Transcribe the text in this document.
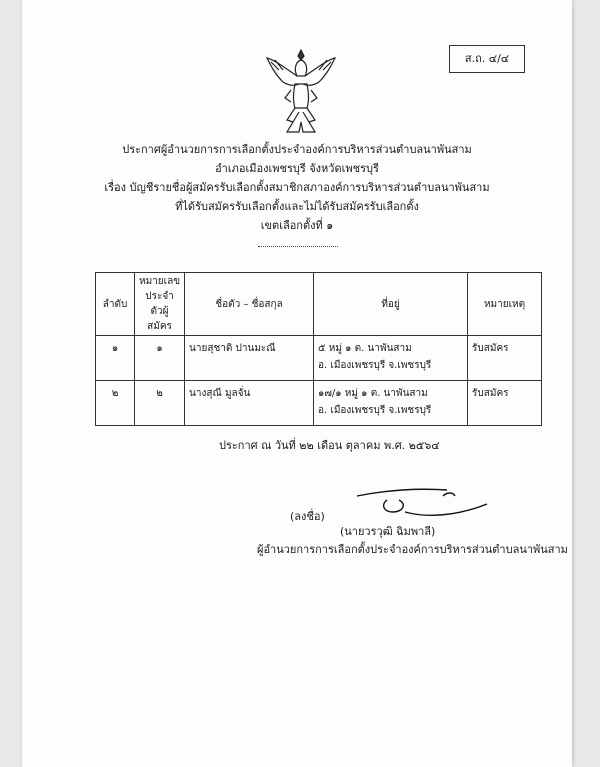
ส.ถ. ๔/๔
ประกาศผู้อำนวยการการเลือกตั้งประจำองค์การบริหารส่วนตำบลนาพันสาม
อำเภอเมืองเพชรบุรี จังหวัดเพชรบุรี
เรื่อง บัญชีรายชื่อผู้สมัครรับเลือกตั้งสมาชิกสภาองค์การบริหารส่วนตำบลนาพันสาม
ที่ได้รับสมัครรับเลือกตั้งและไม่ได้รับสมัครรับเลือกตั้ง
เขตเลือกตั้งที่ ๑
ลำดับ	หมายเลขประจำตัวผู้สมัคร	ชื่อตัว – ชื่อสกุล	ที่อยู่	หมายเหตุ
๑	๑	นายสุชาติ ปานมะณี	๕ หมู่ ๑ ต. นาพันสาม
อ. เมืองเพชรบุรี จ.เพชรบุรี	รับสมัคร
๒	๒	นางสุณี มูลจั่น	๑๗/๑ หมู่ ๑ ต. นาพันสาม
อ. เมืองเพชรบุรี จ.เพชรบุรี	รับสมัคร
ประกาศ ณ วันที่ ๒๒ เดือน ตุลาคม พ.ศ. ๒๕๖๔
(ลงชื่อ)
(นายวรวุฒิ ฉิมพาลี)
ผู้อำนวยการการเลือกตั้งประจำองค์การบริหารส่วนตำบลนาพันสาม
